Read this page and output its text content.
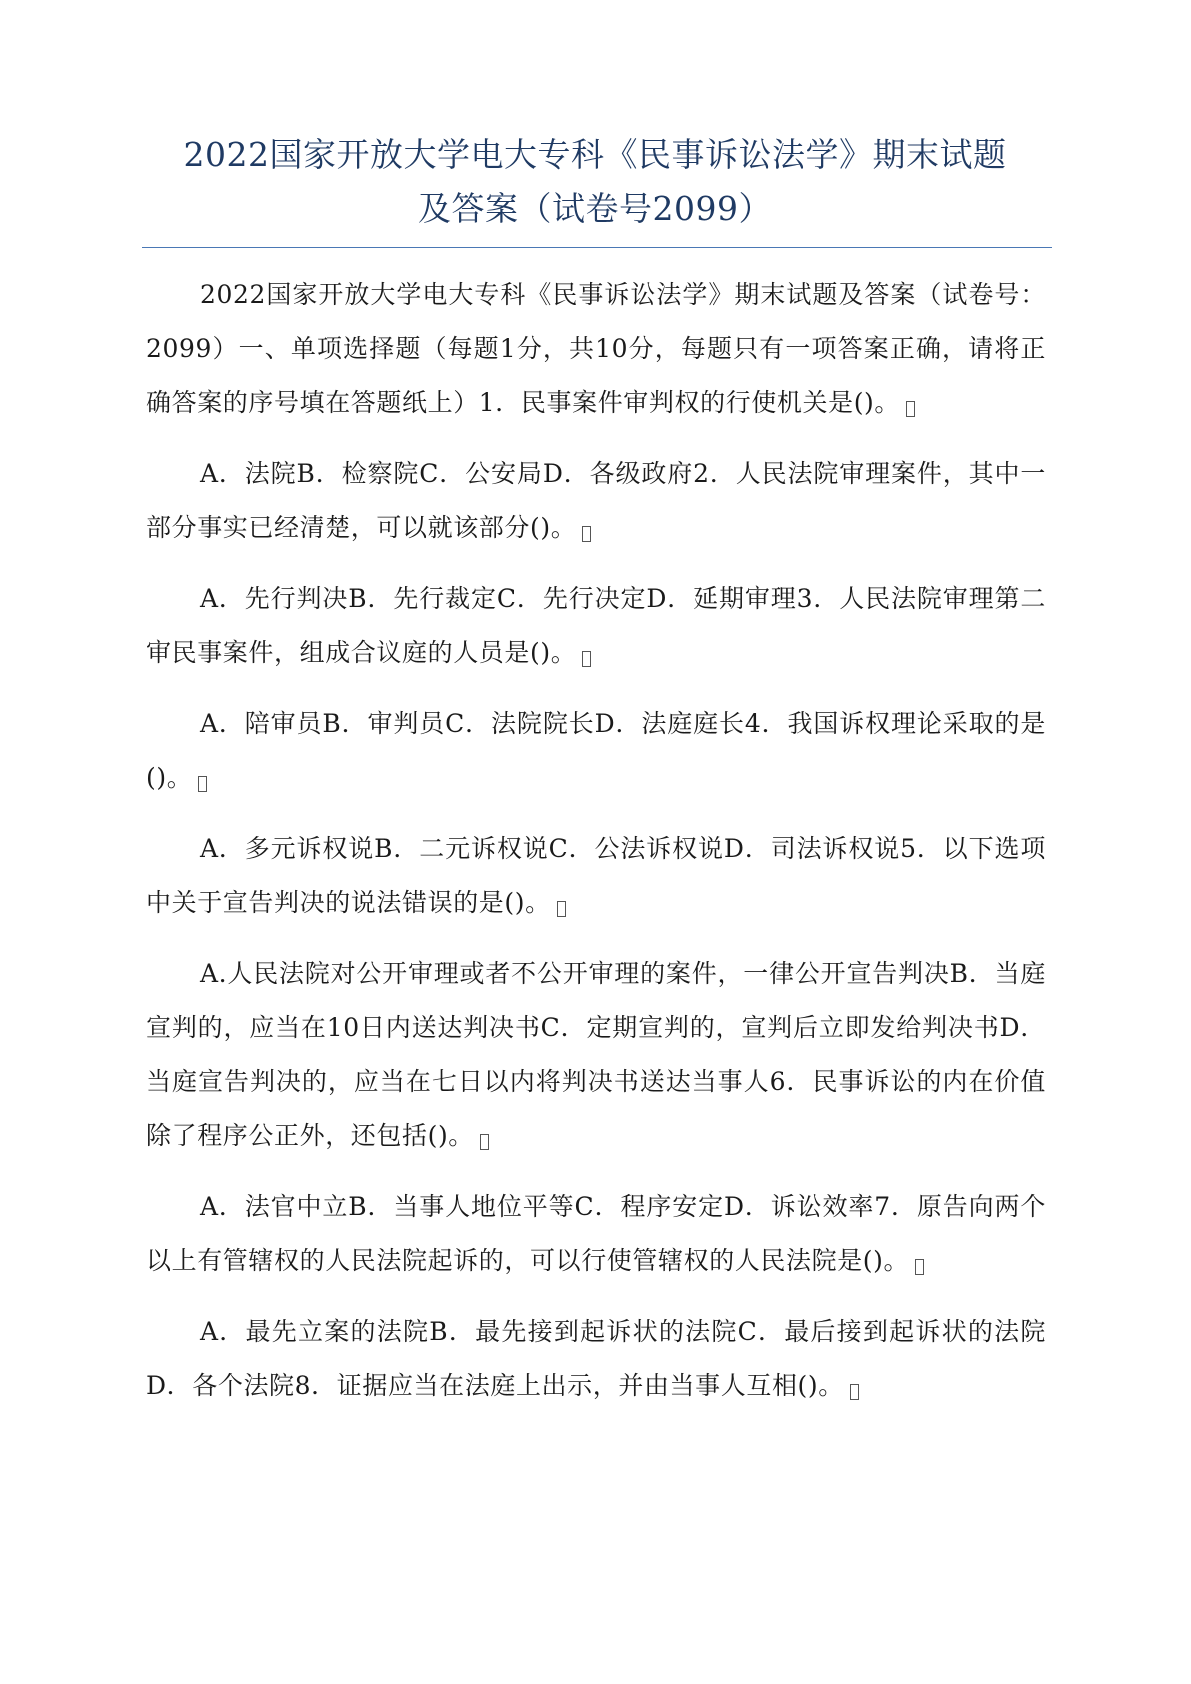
2022国家开放大学电大专科《民事诉讼法学》期末试题
及答案（试卷号2099）

2022国家开放大学电大专科《民事诉讼法学》期末试题及答案（试卷号：2099）一、单项选择题（每题1分，共10分，每题只有一项答案正确，请将正确答案的序号填在答题纸上）1．民事案件审判权的行使机关是()。

A．法院B．检察院C．公安局D．各级政府2．人民法院审理案件，其中一部分事实已经清楚，可以就该部分()。

A．先行判决B．先行裁定C．先行决定D．延期审理3．人民法院审理第二审民事案件，组成合议庭的人员是()。

A．陪审员B．审判员C．法院院长D．法庭庭长4．我国诉权理论采取的是()。

A．多元诉权说B．二元诉权说C．公法诉权说D．司法诉权说5．以下选项中关于宣告判决的说法错误的是()。

A.人民法院对公开审理或者不公开审理的案件，一律公开宣告判决B．当庭宣判的，应当在10日内送达判决书C．定期宣判的，宣判后立即发给判决书D．当庭宣告判决的，应当在七日以内将判决书送达当事人6．民事诉讼的内在价值除了程序公正外，还包括()。

A．法官中立B．当事人地位平等C．程序安定D．诉讼效率7．原告向两个以上有管辖权的人民法院起诉的，可以行使管辖权的人民法院是()。

A．最先立案的法院B．最先接到起诉状的法院C．最后接到起诉状的法院D．各个法院8．证据应当在法庭上出示，并由当事人互相()。
